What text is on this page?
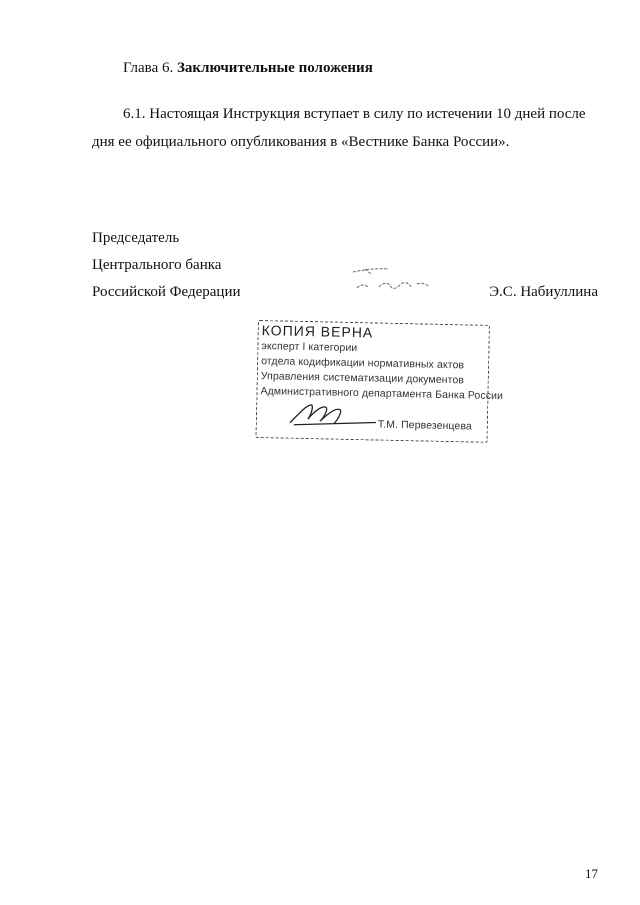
Глава 6. Заключительные положения
6.1. Настоящая Инструкция вступает в силу по истечении 10 дней после
дня ее официального опубликования в «Вестнике Банка России».
Председатель
Центрального банка
Российской Федерации	Э.С. Набиуллина
КОПИЯ ВЕРНА
эксперт I категории
отдела кодификации нормативных актов
Управления систематизации документов
Административного департамента Банка России
Т.М. Первезенцева
17
